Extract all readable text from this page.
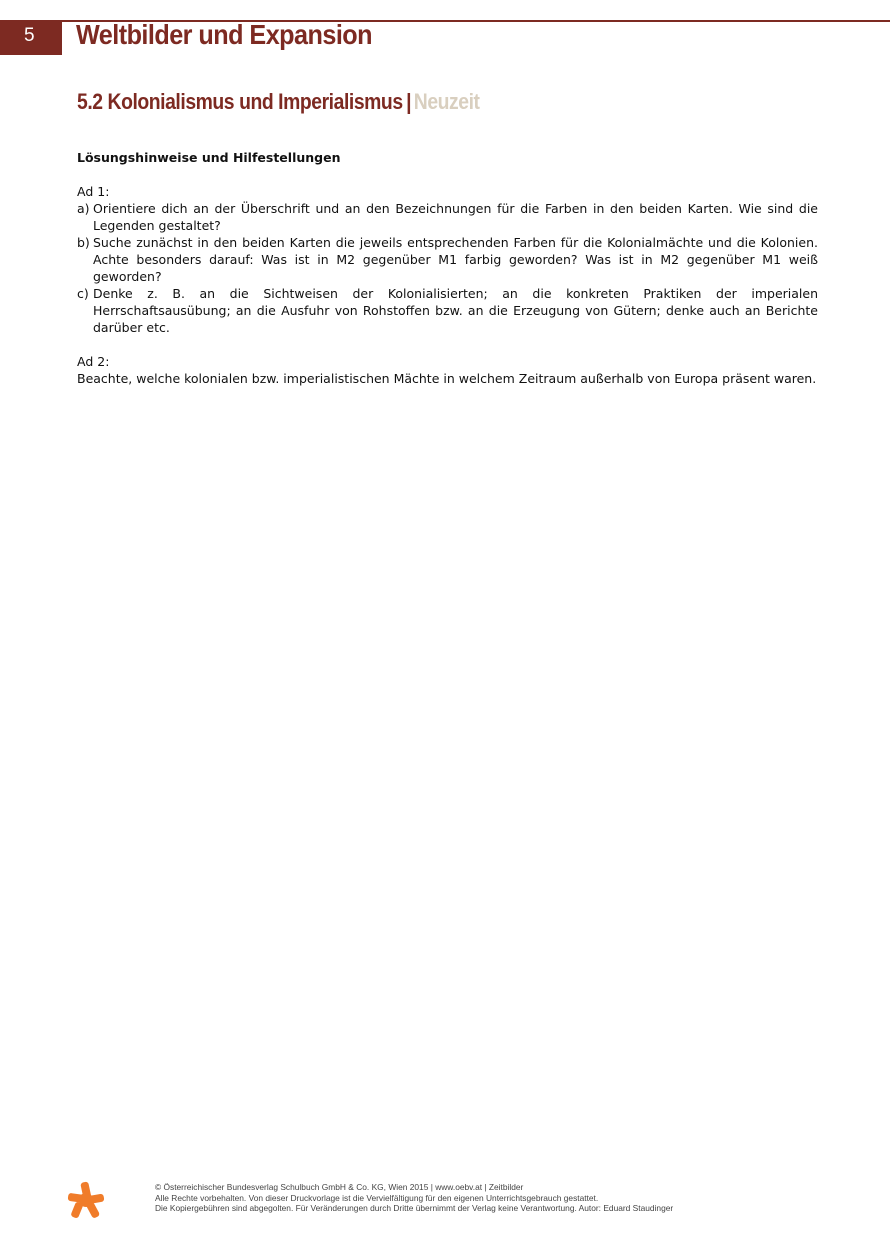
5 Weltbilder und Expansion
5.2 Kolonialismus und Imperialismus | Neuzeit

Lösungshinweise und Hilfestellungen

Ad 1:

a) Orientiere dich an der Überschrift und an den Bezeichnungen für die Farben in den beiden Karten. Wie sind die Legenden gestaltet?
b) Suche zunächst in den beiden Karten die jeweils entsprechenden Farben für die Kolonialmächte und die Kolonien. Achte besonders darauf: Was ist in M2 gegenüber M1 farbig geworden? Was ist in M2 gegenüber M1 weiß geworden?
c) Denke z. B. an die Sichtweisen der Kolonialisierten; an die konkreten Praktiken der imperialen Herrschaftsausübung; an die Ausfuhr von Rohstoffen bzw. an die Erzeugung von Gütern; denke auch an Berichte darüber etc.

Ad 2:

Beachte, welche kolonialen bzw. imperialistischen Mächte in welchem Zeitraum außerhalb von Europa präsent waren.

© Österreichischer Bundesverlag Schulbuch GmbH & Co. KG, Wien 2015 | www.oebv.at | Zeitbilder
Alle Rechte vorbehalten. Von dieser Druckvorlage ist die Vervielfältigung für den eigenen Unterrichtsgebrauch gestattet.
Die Kopiergebühren sind abgegolten. Für Veränderungen durch Dritte übernimmt der Verlag keine Verantwortung. Autor: Eduard Staudinger
